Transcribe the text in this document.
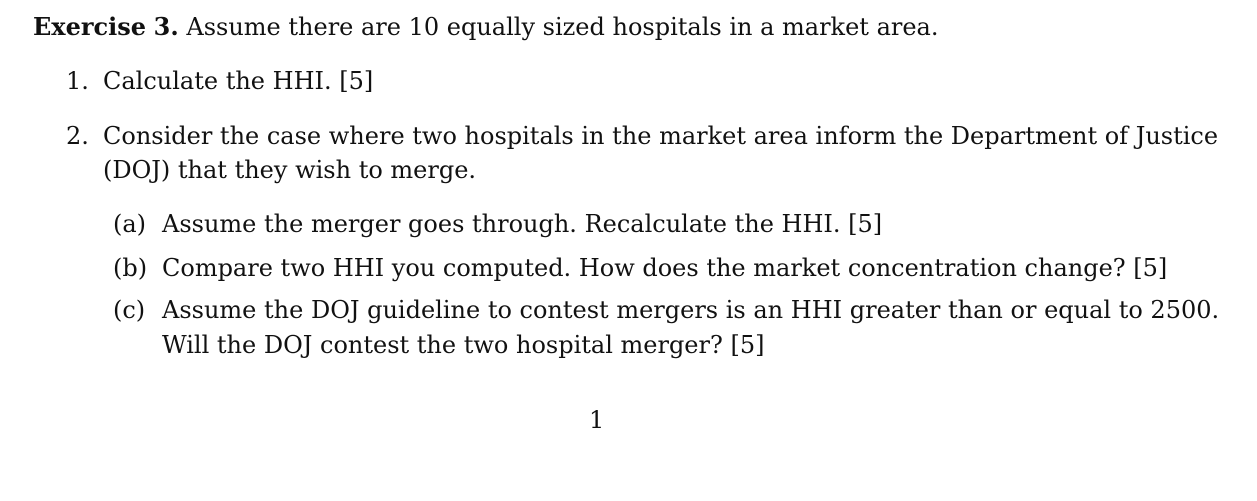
Exercise 3. Assume there are 10 equally sized hospitals in a market area.
1. Calculate the HHI. [5]
2. Consider the case where two hospitals in the market area inform the Department of Justice
(DOJ) that they wish to merge.
(a) Assume the merger goes through. Recalculate the HHI. [5]
(b) Compare two HHI you computed. How does the market concentration change? [5]
(c) Assume the DOJ guideline to contest mergers is an HHI greater than or equal to 2500.
Will the DOJ contest the two hospital merger? [5]
1
